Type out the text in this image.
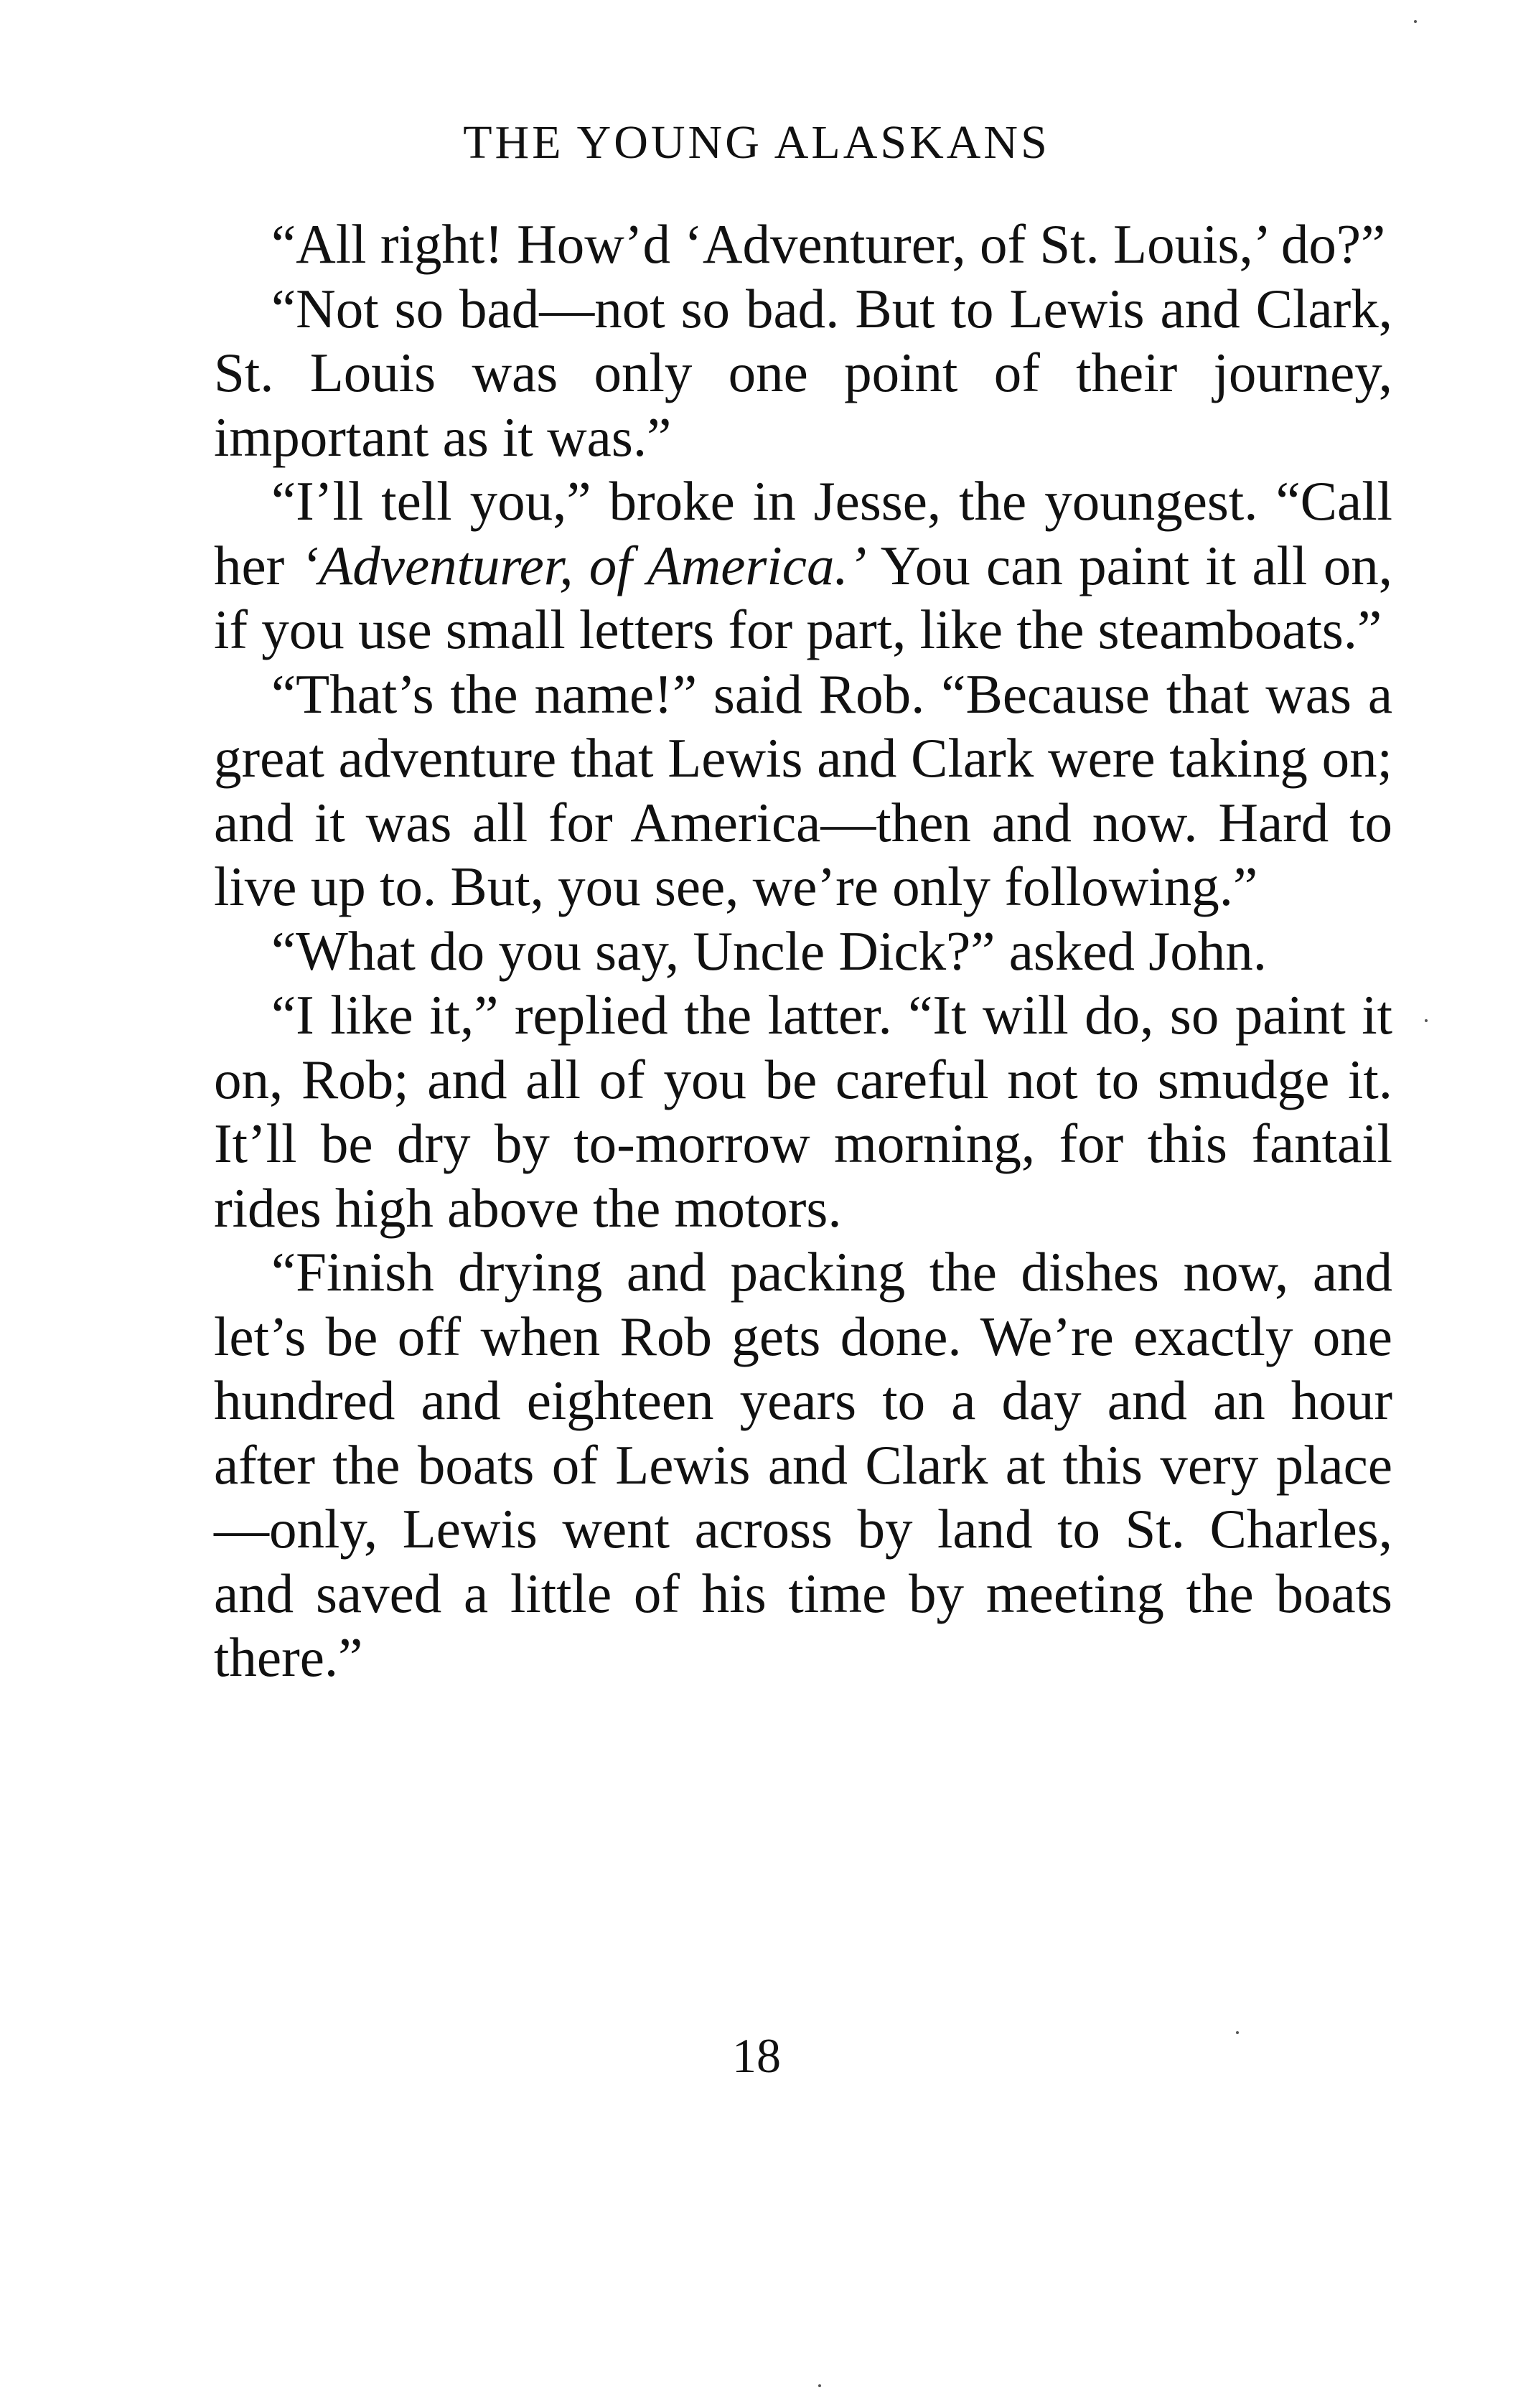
THE YOUNG ALASKANS

“All right! How’d ‘Adventurer, of St. Louis,’ do?”

“Not so bad—not so bad. But to Lewis and Clark, St. Louis was only one point of their journey, important as it was.”

“I’ll tell you,” broke in Jesse, the youngest. “Call her ‘Adventurer, of America.’ You can paint it all on, if you use small letters for part, like the steamboats.”

“That’s the name!” said Rob. “Because that was a great adventure that Lewis and Clark were taking on; and it was all for America—then and now. Hard to live up to. But, you see, we’re only following.”

“What do you say, Uncle Dick?” asked John.

“I like it,” replied the latter. “It will do, so paint it on, Rob; and all of you be careful not to smudge it. It’ll be dry by to-morrow morning, for this fantail rides high above the motors.

“Finish drying and packing the dishes now, and let’s be off when Rob gets done. We’re exactly one hundred and eighteen years to a day and an hour after the boats of Lewis and Clark at this very place—only, Lewis went across by land to St. Charles, and saved a little of his time by meeting the boats there.”

18
